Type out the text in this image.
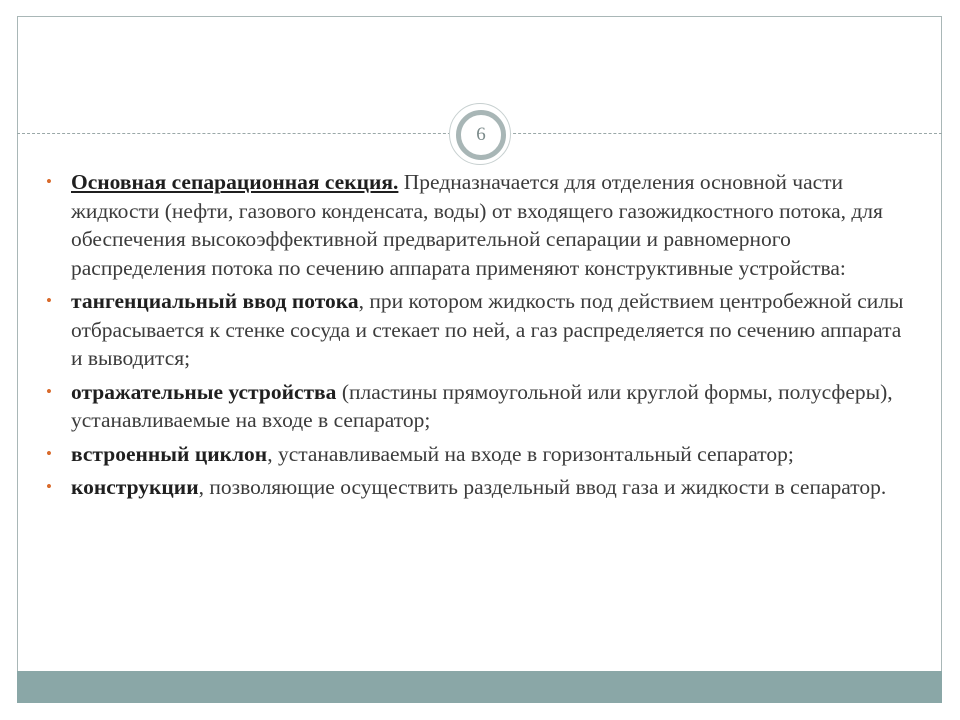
6
• Основная сепарационная секция. Предназначается для отделения основной части жидкости (нефти, газового конденсата, воды) от входящего газожидкостного потока, для обеспечения высокоэффективной предварительной сепарации и равномерного распределения потока по сечению аппарата применяют конструктивные устройства:
• тангенциальный ввод потока, при котором жидкость под действием центробежной силы отбрасывается к стенке сосуда и стекает по ней, а газ распределяется по сечению аппарата и выводится;
• отражательные устройства (пластины прямоугольной или круглой формы, полусферы), устанавливаемые на входе в сепаратор;
• встроенный циклон, устанавливаемый на входе в горизонтальный сепаратор;
• конструкции, позволяющие осуществить раздельный ввод газа и жидкости в сепаратор.
